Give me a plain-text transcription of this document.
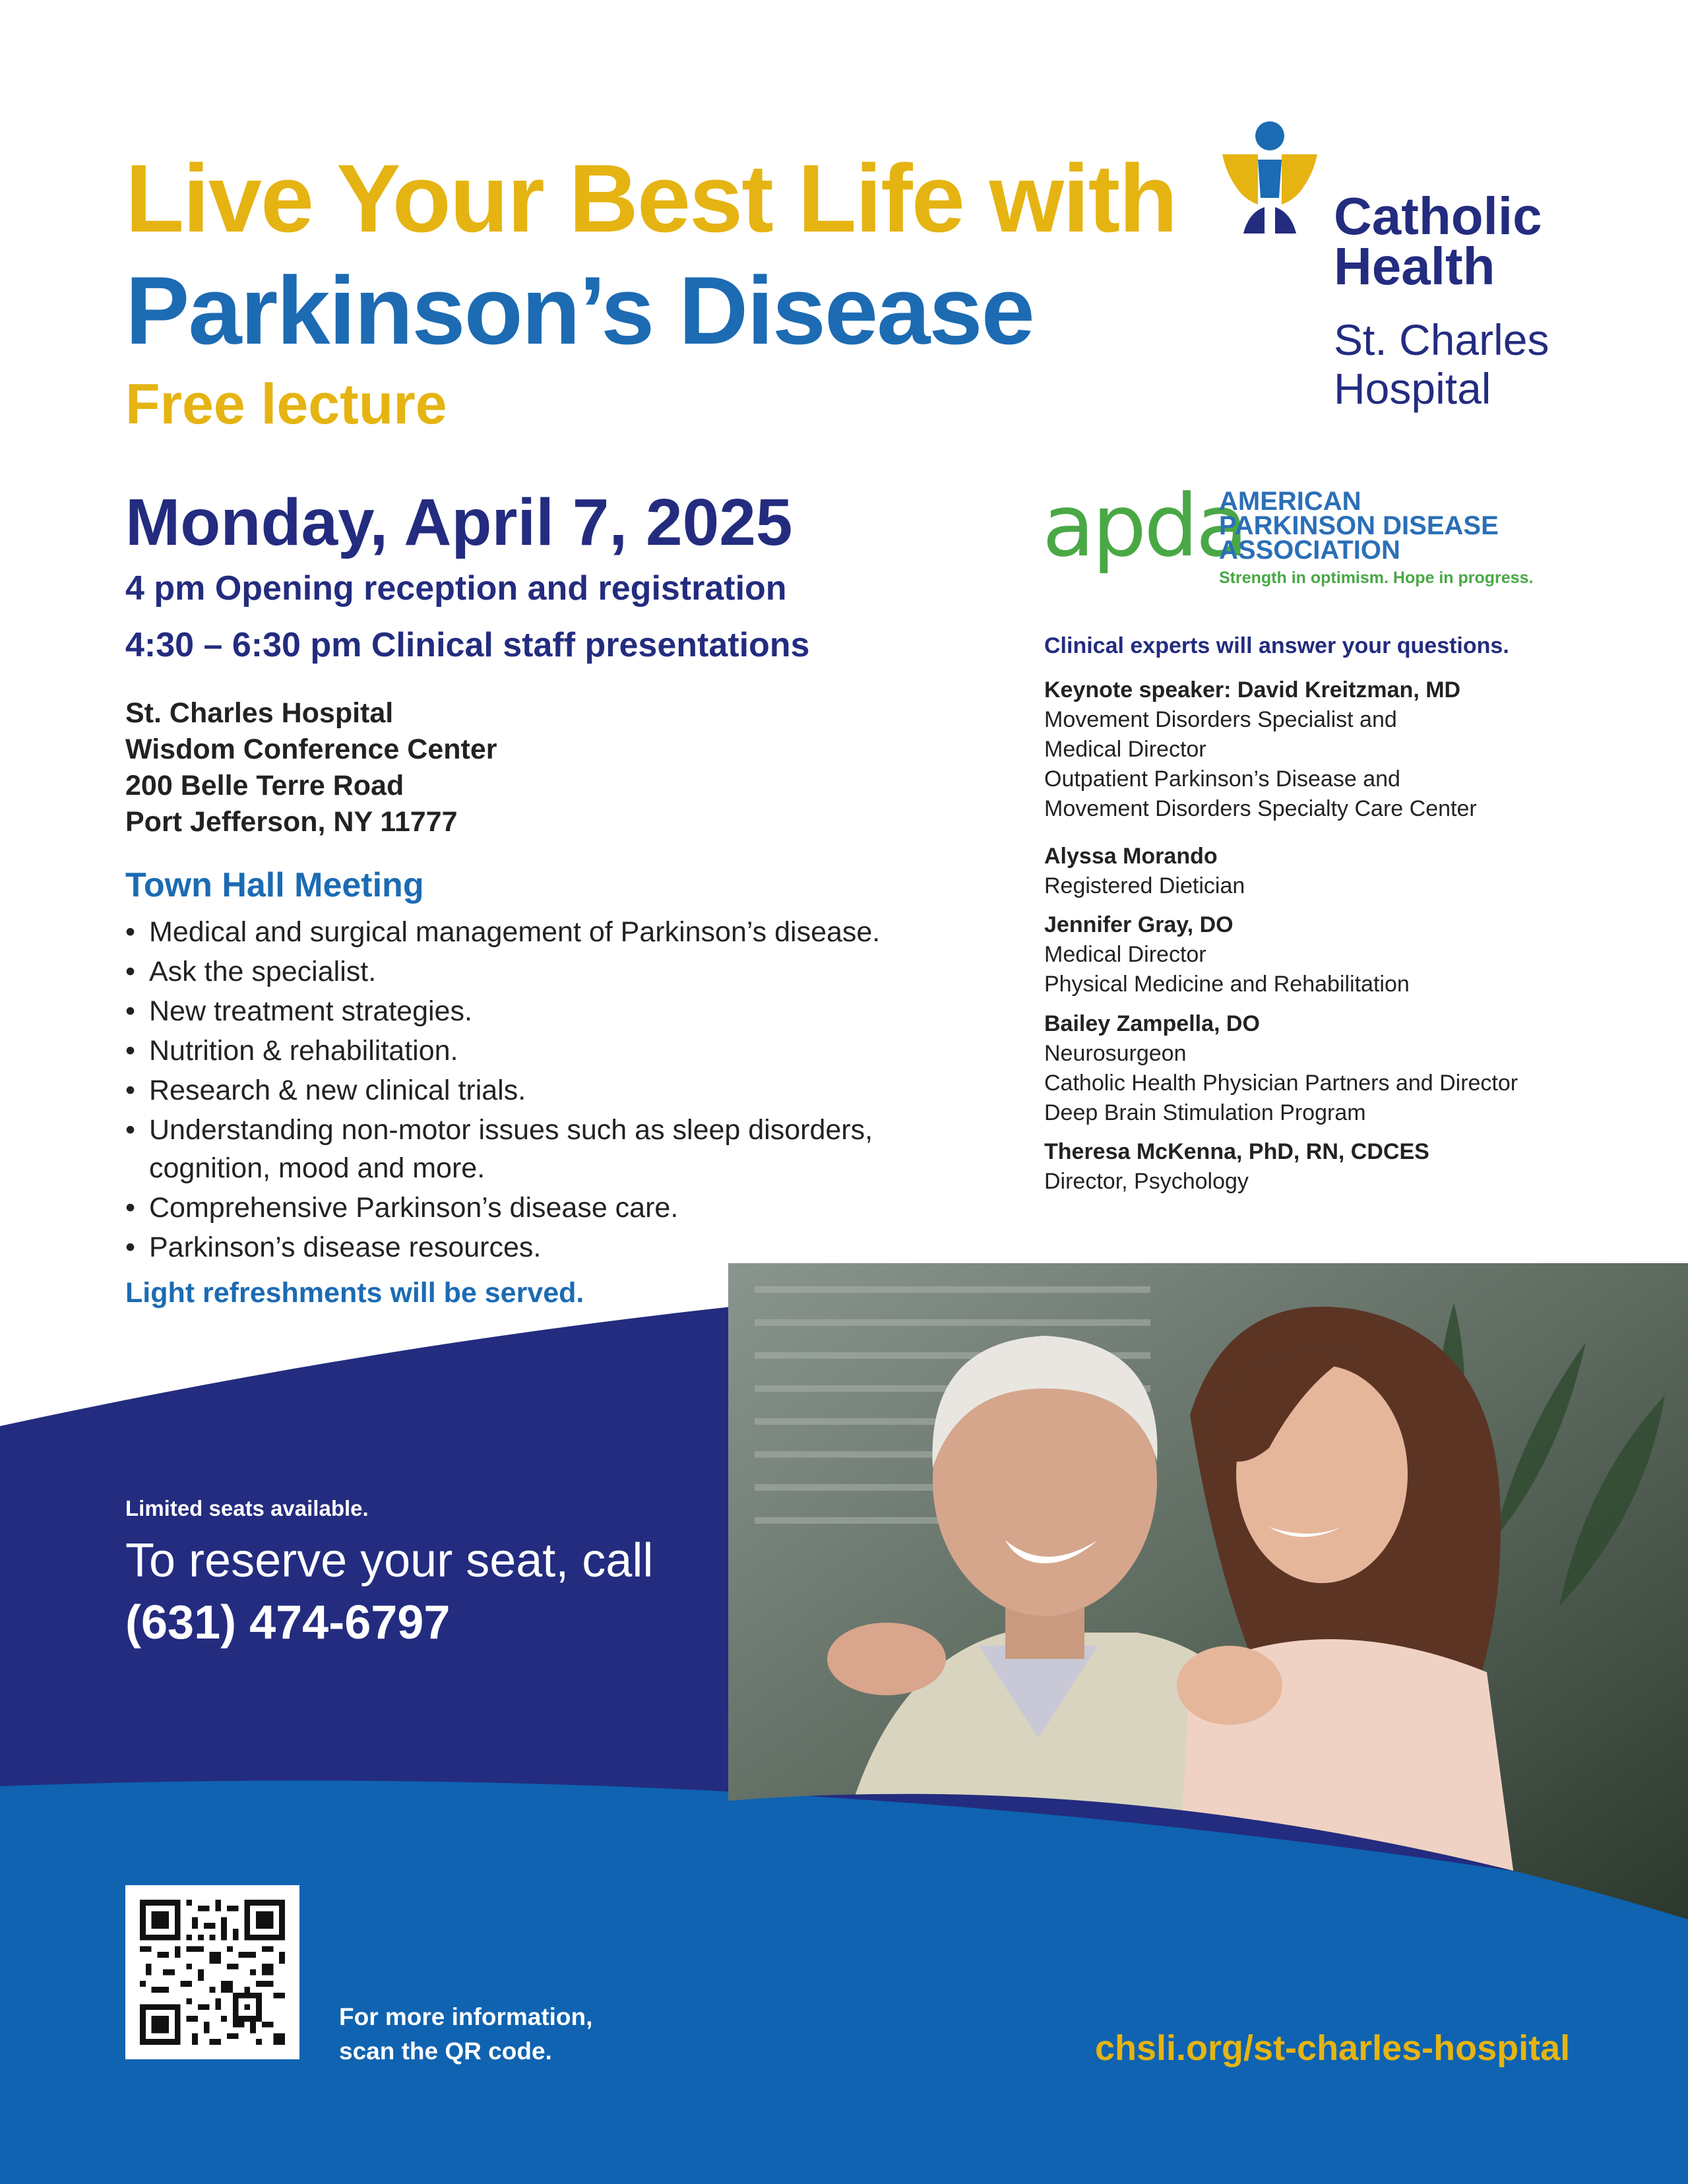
Live Your Best Life with
Parkinson’s Disease
Free lecture
Monday, April 7, 2025
4 pm Opening reception and registration
4:30 – 6:30 pm Clinical staff presentations
St. Charles Hospital
Wisdom Conference Center
200 Belle Terre Road
Port Jefferson, NY 11777
Town Hall Meeting
• Medical and surgical management of Parkinson’s disease.
• Ask the specialist.
• New treatment strategies.
• Nutrition & rehabilitation.
• Research & new clinical trials.
• Understanding non-motor issues such as sleep disorders, cognition, mood and more.
• Comprehensive Parkinson’s disease care.
• Parkinson’s disease resources.
Light refreshments will be served.
Catholic
Health
St. Charles
Hospital
apda
AMERICAN
PARKINSON DISEASE
ASSOCIATION
Strength in optimism. Hope in progress.
Clinical experts will answer your questions.
Keynote speaker: David Kreitzman, MD
Movement Disorders Specialist and
Medical Director
Outpatient Parkinson’s Disease and
Movement Disorders Specialty Care Center
Alyssa Morando
Registered Dietician
Jennifer Gray, DO
Medical Director
Physical Medicine and Rehabilitation
Bailey Zampella, DO
Neurosurgeon
Catholic Health Physician Partners and Director
Deep Brain Stimulation Program
Theresa McKenna, PhD, RN, CDCES
Director, Psychology
Limited seats available.
To reserve your seat, call
(631) 474-6797
For more information,
scan the QR code.	chsli.org/st-charles-hospital
